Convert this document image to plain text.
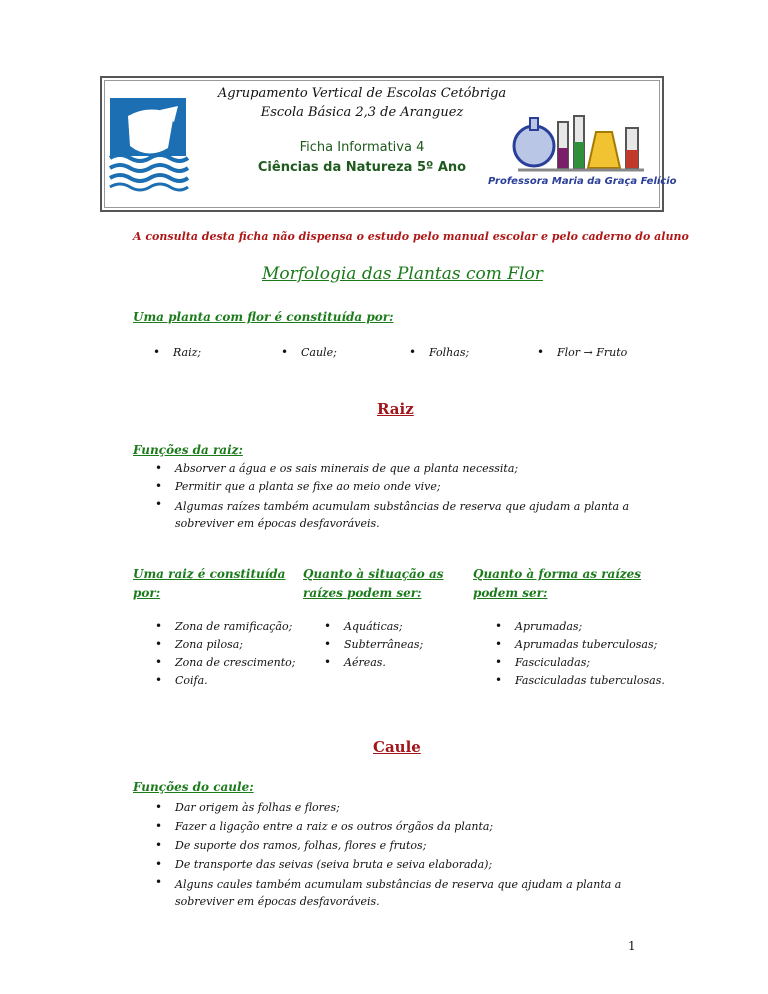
Agrupamento Vertical de Escolas Cetóbriga
Escola Básica 2,3 de Aranguez
Ficha Informativa 4
Ciências da Natureza 5º Ano
Professora Maria da Graça Felício
A consulta desta ficha não dispensa o estudo pelo manual escolar e pelo caderno do aluno
Morfologia das Plantas com Flor
Uma planta com flor é constituída por:
•	Raiz;	•	Caule;	•	Folhas;	•	Flor → Fruto
Raiz
Funções da raiz:
•	Absorver a água e os sais minerais de que a planta necessita;
•	Permitir que a planta se fixe ao meio onde vive;
•	Algumas raízes também acumulam substâncias de reserva que ajudam a planta a sobreviver em épocas desfavoráveis.
Uma raiz é constituída
por:
Quanto à situação as
raízes podem ser:
Quanto à forma as raízes
podem ser:
•	Zona de ramificação;
•	Zona pilosa;
•	Zona de crescimento;
•	Coifa.
•	Aquáticas;
•	Subterrâneas;
•	Aéreas.
•	Aprumadas;
•	Aprumadas tuberculosas;
•	Fasciculadas;
•	Fasciculadas tuberculosas.
Caule
Funções do caule:
•	Dar origem às folhas e flores;
•	Fazer a ligação entre a raiz e os outros órgãos da planta;
•	De suporte dos ramos, folhas, flores e frutos;
•	De transporte das seivas (seiva bruta e seiva elaborada);
•	Alguns caules também acumulam substâncias de reserva que ajudam a planta a sobreviver em épocas desfavoráveis.
1
